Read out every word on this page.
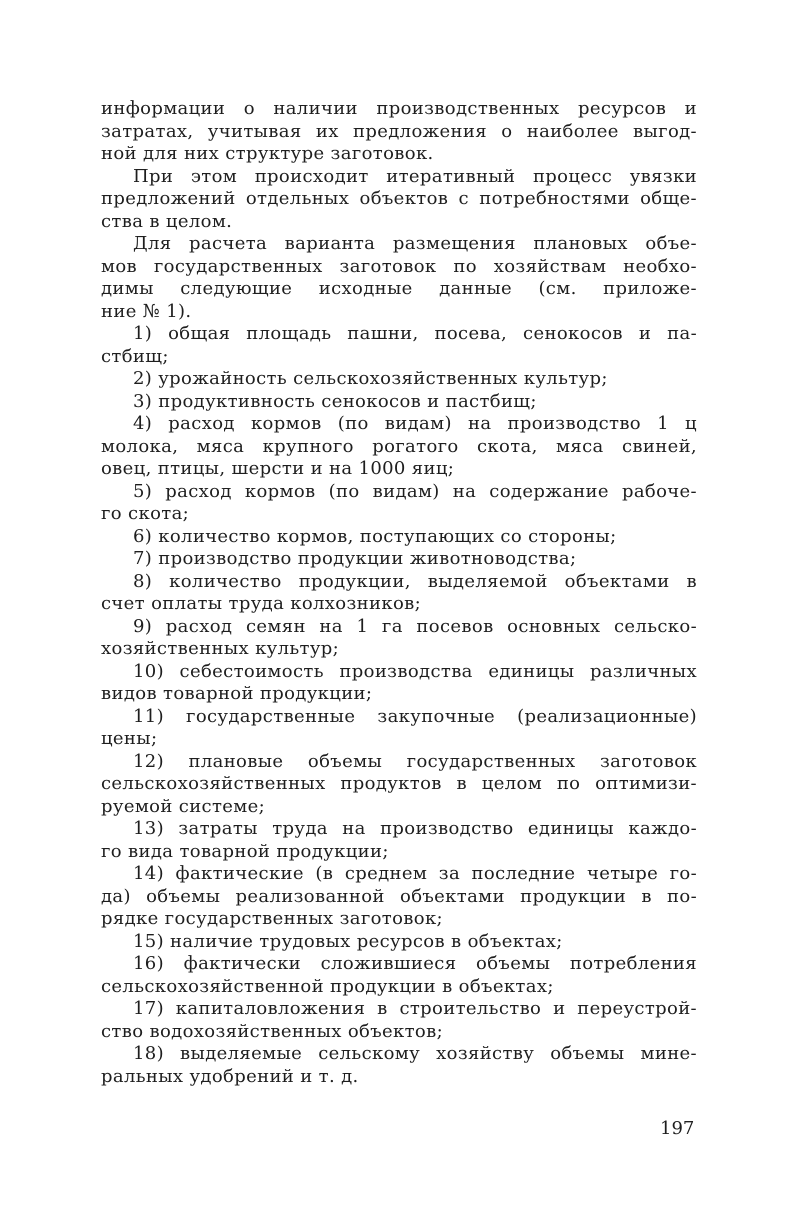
информации о наличии производственных ресурсов и
затратах, учитывая их предложения о наиболее выгод-
ной для них структуре заготовок.
При этом происходит итеративный процесс увязки
предложений отдельных объектов с потребностями обще-
ства в целом.
Для расчета варианта размещения плановых объе-
мов государственных заготовок по хозяйствам необхо-
димы следующие исходные данные (см. приложе-
ние № 1).
1) общая площадь пашни, посева, сенокосов и па-
стбищ;
2) урожайность сельскохозяйственных культур;
3) продуктивность сенокосов и пастбищ;
4) расход кормов (по видам) на производство 1 ц
молока, мяса крупного рогатого скота, мяса свиней,
овец, птицы, шерсти и на 1000 яиц;
5) расход кормов (по видам) на содержание рабоче-
го скота;
6) количество кормов, поступающих со стороны;
7) производство продукции животноводства;
8) количество продукции, выделяемой объектами в
счет оплаты труда колхозников;
9) расход семян на 1 га посевов основных сельско-
хозяйственных культур;
10) себестоимость производства единицы различных
видов товарной продукции;
11) государственные закупочные (реализационные)
цены;
12) плановые объемы государственных заготовок
сельскохозяйственных продуктов в целом по оптимизи-
руемой системе;
13) затраты труда на производство единицы каждо-
го вида товарной продукции;
14) фактические (в среднем за последние четыре го-
да) объемы реализованной объектами продукции в по-
рядке государственных заготовок;
15) наличие трудовых ресурсов в объектах;
16) фактически сложившиеся объемы потребления
сельскохозяйственной продукции в объектах;
17) капиталовложения в строительство и переустрой-
ство водохозяйственных объектов;
18) выделяемые сельскому хозяйству объемы мине-
ральных удобрений и т. д.
197
